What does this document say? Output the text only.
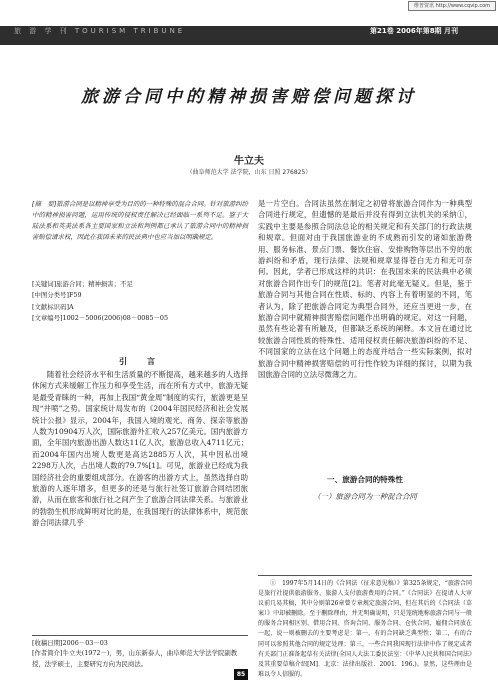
维普资讯 http://www.cqvip.com
旅 游 学 刊 TOURISM TRIBUNE	第21卷 2006年第8期 月刊
旅游合同中的精神损害赔偿问题探讨
牛立夫
（曲阜师范大学 法学院，山东 日照 276825）

[摘　要]旅游合同是以精神享受为目的的一种特殊的混合合同。针对旅游纠纷中的精神损害问题，运用传统的侵权责任解决已经面临一系列不足。鉴于大陆法系和英美法系各主要国家和立法和判例都已承认了旅游合同中的精神损害赔偿请求权，因此在我国未来的民法典中也应当加以明确规定。

[关键词]旅游合同；精神损害；不足
[中图分类号]F59
[文献标识码]A
[文章编号]1002－5006(2006)08－0085－05
引　言

随着社会经济水平和生活质量的不断提高，越来越多的人选择休闲方式来缓解工作压力和享受生活，而在所有方式中，旅游无疑是最受青睐的一种，再加上我国“黄金周”制度的实行，旅游更是呈现“井喷”之势。国家统计局发布的《2004年国民经济和社会发展统计公报》显示，2004年，我国入境的观光、商务、探亲等旅游人数为10904万人次，国际旅游外汇收入257亿美元。国内旅游方面，全年国内旅游出游人数达11亿人次，旅游总收入4711亿元；而2004年国内出境人数更是高达2885万人次，其中因私出境2298万人次，占出境人数的79.7%[1]。可见，旅游业已经成为我国经济社会的重要组成部分。在游客的出游方式上，虽然选择自助旅游的人逐年增多，但更多的还是与旅行社签订旅游合同结团旅游，从而在旅客和旅行社之间产生了旅游合同法律关系。与旅游业的勃勃生机形成鲜明对比的是，在我国现行的法律体系中，规范旅游合同法律几乎

[收稿日期]2006－03－03
[作者简介]牛立夫(1972－)，男，山东新泰人，曲阜师范大学法学院副教授，法学硕士，主要研究方向为民商法。

是一片空白。合同法虽然在制定之初曾将旅游合同作为一种典型合同进行规定，但遗憾的是最后并没有得到立法机关的采纳①，实践中主要是参照合同法总论的相关规定和有关部门的行政法规和规章。但面对由于我国旅游业的不成熟而引发的诸如旅游费用、服务标准、景点门票、餐饮住宿、安排购物等层出不穷的旅游纠纷和矛盾，现行法律、法规和规章显得苍白无力和无可奈何。因此，学者已形成这样的共识：在我国未来的民法典中必须对旅游合同作出专门的规范[2]。笔者对此毫无疑义。但是，鉴于旅游合同与其他合同在性质、标的、内容上有着明显的不同，笔者认为，除了把旅游合同定为典型合同外，还应当更进一步，在旅游合同中就精神损害赔偿问题作出明确的规定。对这一问题，虽然有些论著有所触及，但都缺乏系统的阐释。本文旨在通过比较旅游合同性质的特殊性、适用侵权责任解决旅游纠纷的不足、不同国家的立法在这个问题上的态度并结合一些实际案例，拟对旅游合同中精神损害赔偿的可行性作较为详细的探讨，以期为我国旅游合同的立法尽微薄之力。

一、旅游合同的特殊性
（一）旅游合同为一种混合合同

①　1997年5月14日的《合同法（征求意见稿）》第325条规定，“旅游合同是旅行社提供旅游服务，旅游人支付旅游费用的合同。”《合同法》在提请人大审议前几易其稿，其中分则第26章曾专章规定旅游合同，但在其后的《合同法（草案）》中却被删除。至于删除理由，并无明确说明，只是笼统地称旅游合同与一般的服务合同相区别、借用合同、咨询合同、服务合同、仓伙合同、雇佣合同放在一起，说一则被删去的主要考虑是：第一，有的合同缺乏典型性；第二，有的合同可以参照其他合同的规定处理；第三，一些合同我国现行法律中作了规定或者有关部门正准备起草有关法律(全国人大法工委民法室：《中华人民共和国合同法》及其重要草稿介绍[M]．北京：法律出版社．2001．196.)。显然，这些理由是难以令人信服的。

85
